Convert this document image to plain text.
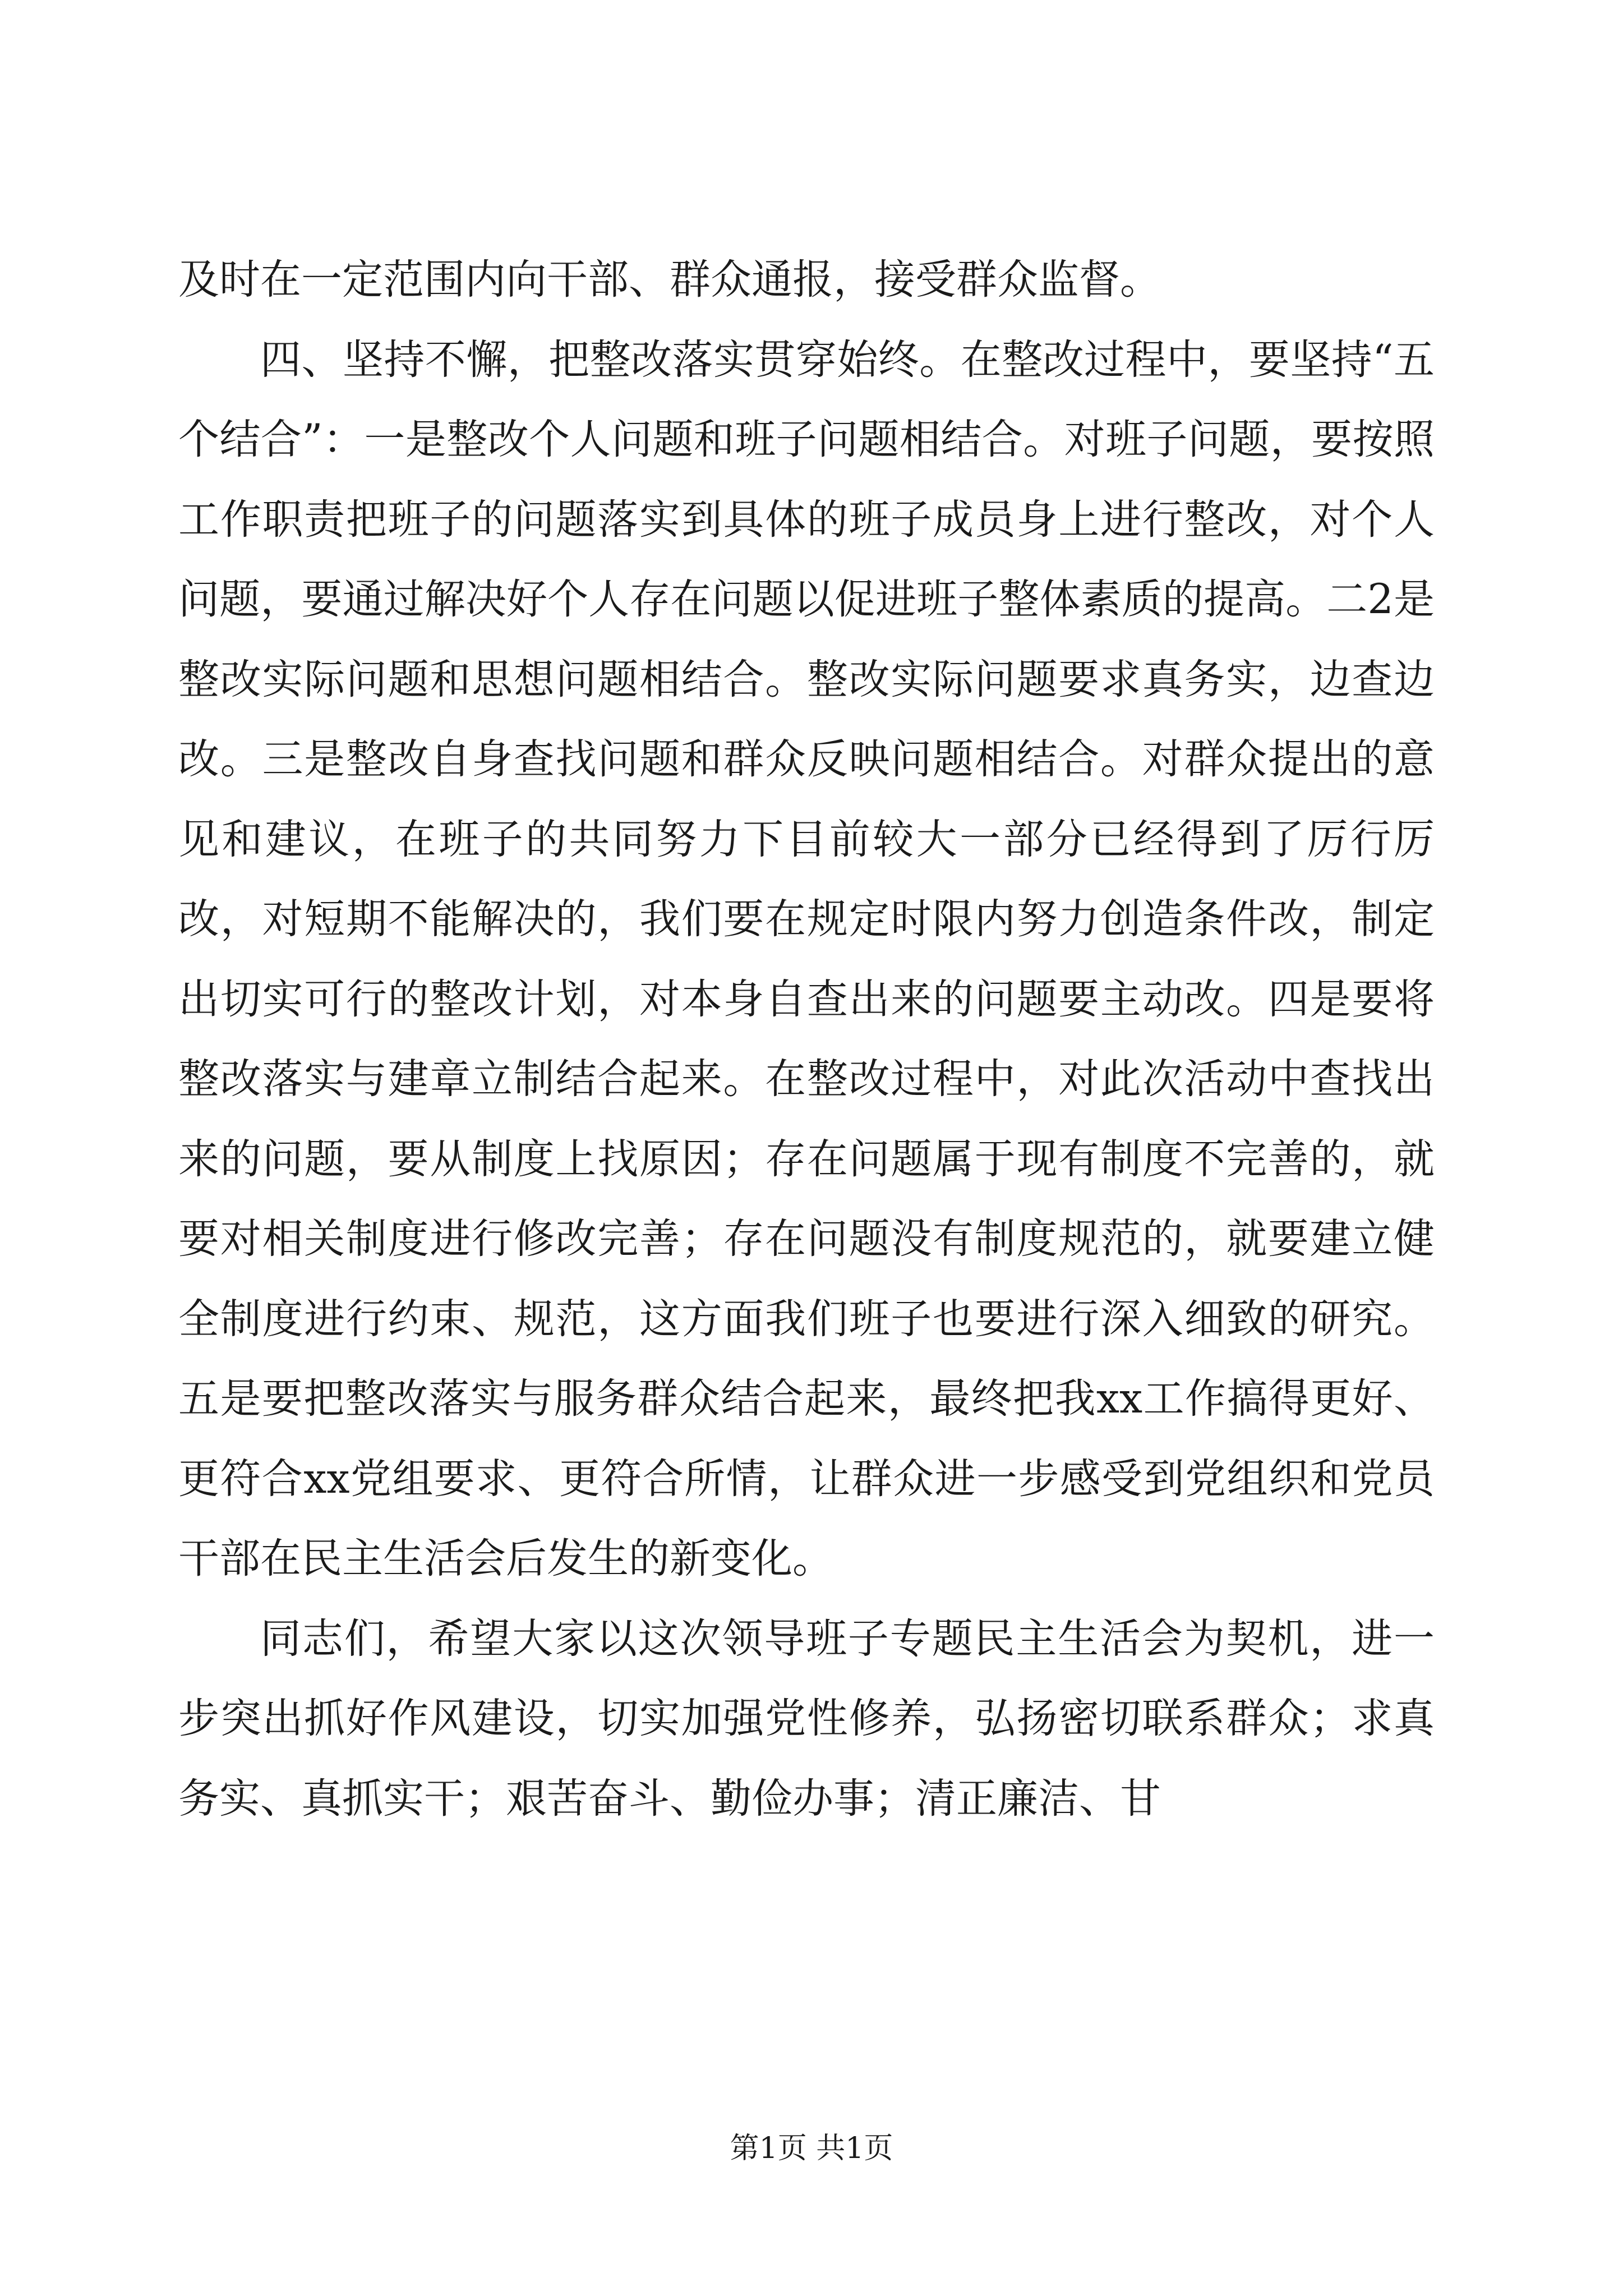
及时在一定范围内向干部、群众通报，接受群众监督。

四、坚持不懈，把整改落实贯穿始终。在整改过程中，要坚持“五个结合”：一是整改个人问题和班子问题相结合。对班子问题，要按照工作职责把班子的问题落实到具体的班子成员身上进行整改，对个人问题，要通过解决好个人存在问题以促进班子整体素质的提高。二2是整改实际问题和思想问题相结合。整改实际问题要求真务实，边查边改。三是整改自身查找问题和群众反映问题相结合。对群众提出的意见和建议，在班子的共同努力下目前较大一部分已经得到了厉行厉改，对短期不能解决的，我们要在规定时限内努力创造条件改，制定出切实可行的整改计划，对本身自查出来的问题要主动改。四是要将整改落实与建章立制结合起来。在整改过程中，对此次活动中查找出来的问题，要从制度上找原因；存在问题属于现有制度不完善的，就要对相关制度进行修改完善；存在问题没有制度规范的，就要建立健全制度进行约束、规范，这方面我们班子也要进行深入细致的研究。五是要把整改落实与服务群众结合起来，最终把我xx工作搞得更好、更符合xx党组要求、更符合所情，让群众进一步感受到党组织和党员干部在民主生活会后发生的新变化。

同志们，希望大家以这次领导班子专题民主生活会为契机，进一步突出抓好作风建设，切实加强党性修养，弘扬密切联系群众；求真务实、真抓实干；艰苦奋斗、勤俭办事；清正廉洁、甘

第1页 共1页
